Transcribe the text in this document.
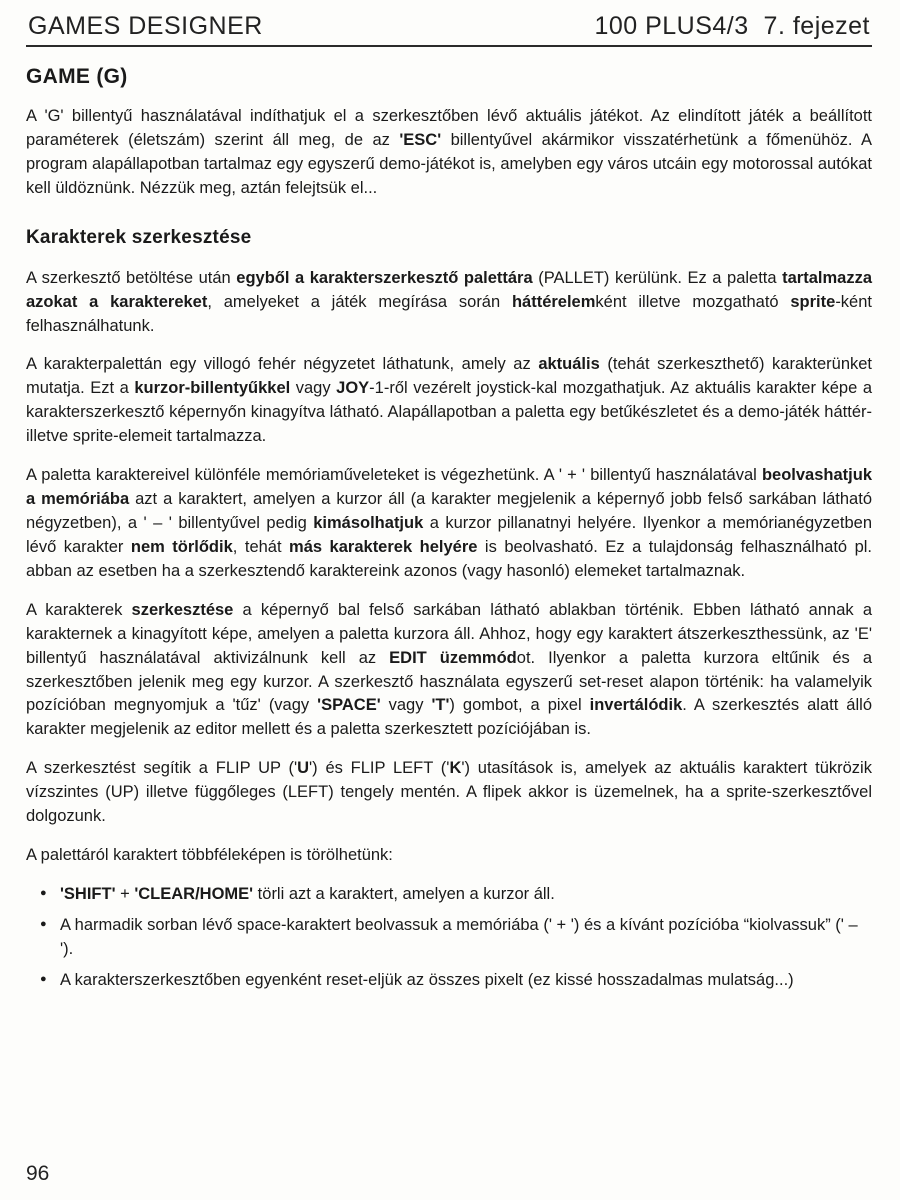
GAMES DESIGNER	100 PLUS4/3  7. fejezet
GAME (G)

A 'G' billentyű használatával indíthatjuk el a szerkesztőben lévő aktuális játékot. Az elindított játék a beállított paraméterek (életszám) szerint áll meg, de az 'ESC' billentyűvel akármikor visszatérhetünk a főmenühöz. A program alapállapotban tartalmaz egy egyszerű demo-játékot is, amelyben egy város utcáin egy motorossal autókat kell üldöznünk. Nézzük meg, aztán felejtsük el...

Karakterek szerkesztése

A szerkesztő betöltése után egyből a karakterszerkesztő palettára (PALLET) kerülünk. Ez a paletta tartalmazza azokat a karaktereket, amelyeket a játék megírása során háttérelemként illetve mozgatható sprite-ként felhasználhatunk.

A karakterpalettán egy villogó fehér négyzetet láthatunk, amely az aktuális (tehát szerkeszthető) karakterünket mutatja. Ezt a kurzor-billentyűkkel vagy JOY-1-ről vezérelt joystick-kal mozgathatjuk. Az aktuális karakter képe a karakterszerkesztő képernyőn kinagyítva látható. Alapállapotban a paletta egy betűkészletet és a demo-játék háttér- illetve sprite-elemeit tartalmazza.

A paletta karaktereivel különféle memóriaműveleteket is végezhetünk. A ' + ' billentyű használatával beolvashatjuk a memóriába azt a karaktert, amelyen a kurzor áll (a karakter megjelenik a képernyő jobb felső sarkában látható négyzetben), a ' – ' billentyűvel pedig kimásolhatjuk a kurzor pillanatnyi helyére. Ilyenkor a memórianégyzetben lévő karakter nem törlődik, tehát más karakterek helyére is beolvasható. Ez a tulajdonság felhasználható pl. abban az esetben ha a szerkesztendő karaktereink azonos (vagy hasonló) elemeket tartalmaznak.

A karakterek szerkesztése a képernyő bal felső sarkában látható ablakban történik. Ebben látható annak a karakternek a kinagyított képe, amelyen a paletta kurzora áll. Ahhoz, hogy egy karaktert átszerkeszthessünk, az 'E' billentyű használatával aktivizálnunk kell az EDIT üzemmódot. Ilyenkor a paletta kurzora eltűnik és a szerkesztőben jelenik meg egy kurzor. A szerkesztő használata egyszerű set-reset alapon történik: ha valamelyik pozícióban megnyomjuk a 'tűz' (vagy 'SPACE' vagy 'T') gombot, a pixel invertálódik. A szerkesztés alatt álló karakter megjelenik az editor mellett és a paletta szerkesztett pozíciójában is.

A szerkesztést segítik a FLIP UP ('U') és FLIP LEFT ('K') utasítások is, amelyek az aktuális karaktert tükrözik vízszintes (UP) illetve függőleges (LEFT) tengely mentén. A flipek akkor is üzemelnek, ha a sprite-szerkesztővel dolgozunk.

A palettáról karaktert többféleképen is törölhetünk:

● 'SHIFT' + 'CLEAR/HOME' törli azt a karaktert, amelyen a kurzor áll.
● A harmadik sorban lévő space-karaktert beolvassuk a memóriába (' + ') és a kívánt pozícióba “kiolvassuk” (' – ').
● A karakterszerkesztőben egyenként reset-eljük az összes pixelt (ez kissé hosszadalmas mulatság...)
96
